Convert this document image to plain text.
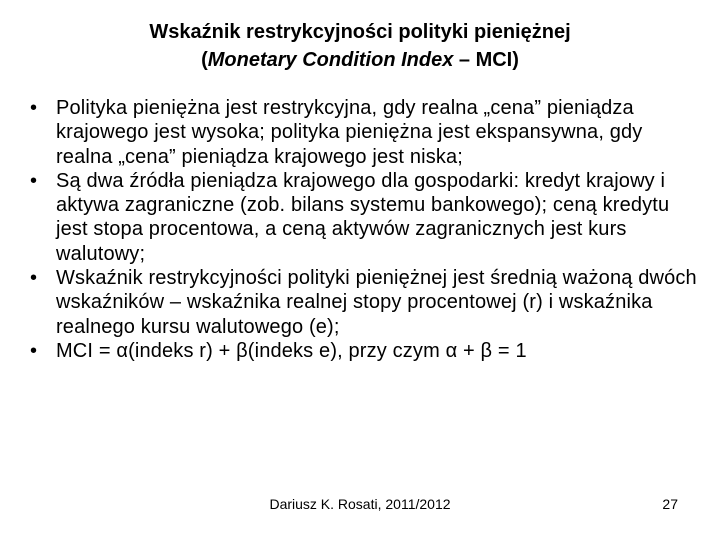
Wskaźnik restrykcyjności polityki pieniężnej
(Monetary Condition Index – MCI)
• Polityka pieniężna jest restrykcyjna, gdy realna „cena” pieniądza krajowego jest wysoka; polityka pieniężna jest ekspansywna, gdy realna „cena” pieniądza krajowego jest niska;
• Są dwa źródła pieniądza krajowego dla gospodarki: kredyt krajowy i aktywa zagraniczne (zob. bilans systemu bankowego); ceną kredytu jest stopa procentowa, a ceną aktywów zagranicznych jest kurs walutowy;
• Wskaźnik restrykcyjności polityki pieniężnej jest średnią ważoną dwóch wskaźników – wskaźnika realnej stopy procentowej (r) i wskaźnika realnego kursu walutowego (e);
• MCI = α(indeks r) + β(indeks e), przy czym α + β = 1
Dariusz K. Rosati, 2011/2012	27
